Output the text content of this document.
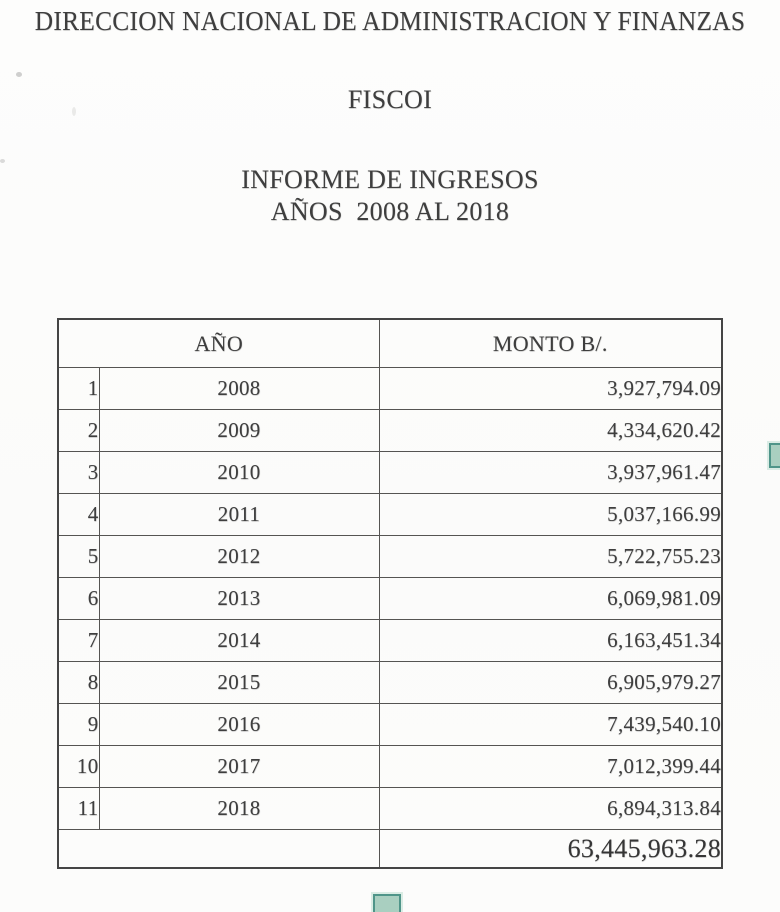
DIRECCION NACIONAL DE ADMINISTRACION Y FINANZAS
FISCOI
INFORME DE INGRESOS
AÑOS  2008 AL 2018
AÑO		MONTO B/.
1	2008	3,927,794.09
2	2009	4,334,620.42
3	2010	3,937,961.47
4	2011	5,037,166.99
5	2012	5,722,755.23
6	2013	6,069,981.09
7	2014	6,163,451.34
8	2015	6,905,979.27
9	2016	7,439,540.10
10	2017	7,012,399.44
11	2018	6,894,313.84
		63,445,963.28
